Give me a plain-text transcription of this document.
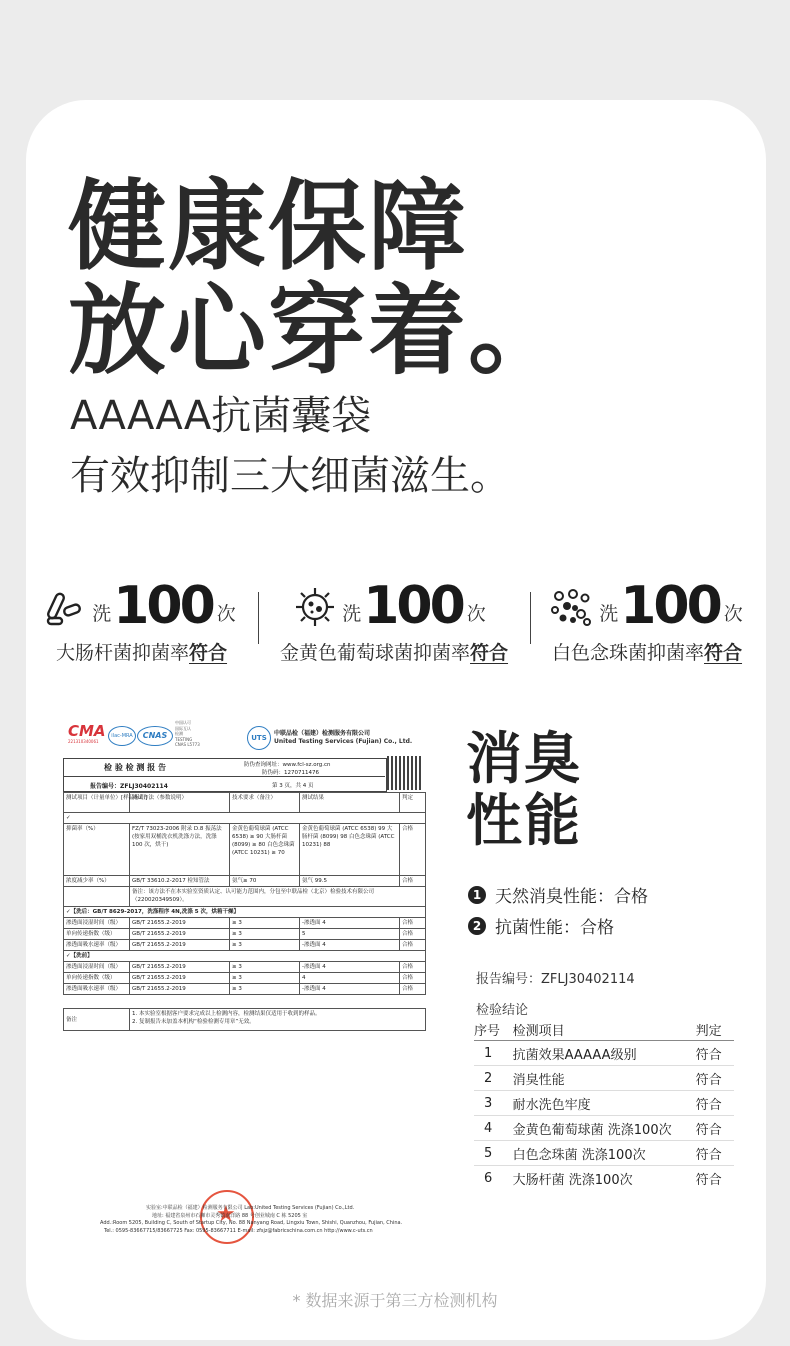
健康保障
放心穿着。
AAAAA抗菌囊袋
有效抑制三大细菌滋生。
洗 100 次
大肠杆菌抑菌率符合
洗 100 次
金黄色葡萄球菌抑菌率符合
洗 100 次
白色念珠菌抑菌率符合
CMA
221310340061
ilac-MRA	CNAS
中国认可
国际互认
检测
TESTING
CNAS L5773
UTS
中联品检（福建）检测服务有限公司
United Testing Services (Fujian) Co., Ltd.
检 验 检 测 报 告	防伪查询网址：www.fcl-sz.org.cn
防伪码：1270711476
报告编号：ZFLJ30402114	第 3 页，共 4 页
测试项目（计量单位）[样品标识]	测试方法（参数说明）	技术要求（备注）	测试结果	判定
✓				
抑菌率（%）	FZ/T 73023-2006 附录 D.8 振荡法(按家用双桶洗衣机洗涤方法，洗涤 100 次，烘干)	金黄色葡萄球菌 (ATCC 6538) ≥ 90 大肠杆菌 (8099) ≥ 80 白色念珠菌 (ATCC 10231) ≥ 70	金黄色葡萄球菌 (ATCC 6538) 99 大肠杆菌 (8099) 98 白色念珠菌 (ATCC 10231) 88	合格
浓度减少率（%）	GB/T 33610.2-2017 检知管法	氨气≥ 70	氨气 99.5	合格
	备注：该方法不在本实验室资质认定、认可能力范围内，分包至中联品检（北京）检验技术有限公司（220020349509）。			
✓【洗后：GB/T 8629-2017，洗涤程序 4N,洗涤 5 次，烘箱干燥】				
渗透面浸湿时间（级）	GB/T 21655.2-2019	≥ 3	-渗透面 4	合格
单向传递指数（级）	GB/T 21655.2-2019	≥ 3	5	合格
渗透面吸水速率（级）	GB/T 21655.2-2019	≥ 3	-渗透面 4	合格
✓【洗前】				
渗透面浸湿时间（级）	GB/T 21655.2-2019	≥ 3	-渗透面 4	合格
单向传递指数（级）	GB/T 21655.2-2019	≥ 3	4	合格
渗透面吸水速率（级）	GB/T 21655.2-2019	≥ 3	-渗透面 4	合格

备注	1. 本实验室根据客户要求完成以上检测内容，检测结果仅适用于收到的样品。
2. 复制报告未加盖本机构“检验检测专用章”无效。			
★
实验室:中联品检（福建）检测服务有限公司 Lab:United Testing Services (Fujian) Co.,Ltd.
地址: 福建省泉州市石狮市灵秀镇南洋路 88 号创业城南 C 栋 5205 室
Add.:Room 5205, Building C, South of Startup City, No. 88 Nanyang Road, Lingxiu Town, Shishi, Quanzhou, Fujian, China.
Tel.: 0595-83667715/83667725 Fax: 0595-83667711 E-mail: zfsjz@fabricschina.com.cn http://www.c-uts.cn
消臭
性能
1 天然消臭性能：合格
2 抗菌性能：合格
报告编号：ZFLJ30402114
检验结论
序号	检测项目	判定
1	抗菌效果AAAAA级别	符合
2	消臭性能	符合
3	耐水洗色牢度	符合
4	金黄色葡萄球菌 洗涤100次	符合
5	白色念珠菌 洗涤100次	符合
6	大肠杆菌 洗涤100次	符合
* 数据来源于第三方检测机构
